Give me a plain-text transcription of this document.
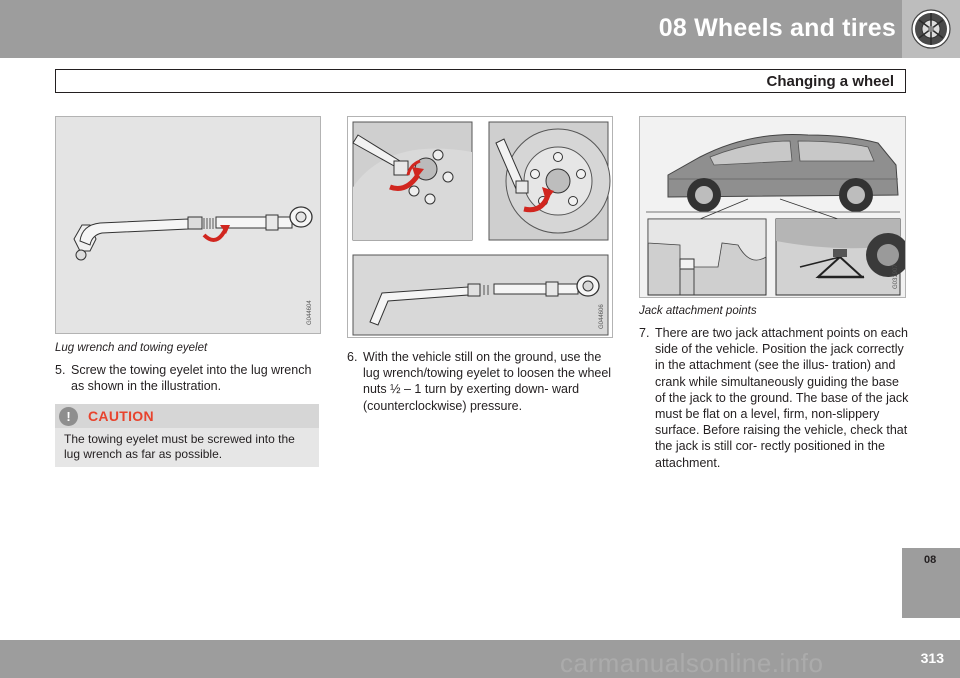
08 Wheels and tires
Changing a wheel
G044604
Lug wrench and towing eyelet
5. Screw the towing eyelet into the lug wrench as shown in the illustration.
!	CAUTION
The towing eyelet must be screwed into the lug wrench as far as possible.
G044606
6. With the vehicle still on the ground, use the lug wrench/towing eyelet to loosen the wheel nuts ½ – 1 turn by exerting down- ward (counterclockwise) pressure.
G031907
Jack attachment points
7. There are two jack attachment points on each side of the vehicle. Position the jack correctly in the attachment (see the illus- tration) and crank while simultaneously guiding the base of the jack to the ground. The base of the jack must be flat on a level, firm, non-slippery surface. Before raising the vehicle, check that the jack is still cor- rectly positioned in the attachment.
08
313
carmanualsonline.info
